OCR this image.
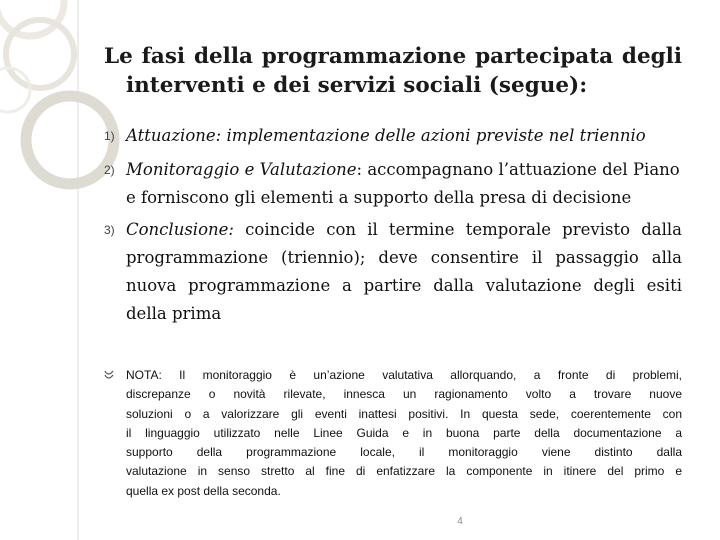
Le fasi della programmazione partecipata degli
interventi e dei servizi sociali (segue):
1) Attuazione: implementazione delle azioni previste nel triennio
2) Monitoraggio e Valutazione: accompagnano l’attuazione del Piano
e forniscono gli elementi a supporto della presa di decisione
3) Conclusione: coincide con il termine temporale previsto dalla
programmazione (triennio); deve consentire il passaggio alla
nuova programmazione a partire dalla valutazione degli esiti
della prima
NOTA: Il monitoraggio è un’azione valutativa allorquando, a fronte di problemi,
discrepanze o novità rilevate, innesca un ragionamento volto a trovare nuove
soluzioni o a valorizzare gli eventi inattesi positivi. In questa sede, coerentemente con
il linguaggio utilizzato nelle Linee Guida e in buona parte della documentazione a
supporto della programmazione locale, il monitoraggio viene distinto dalla
valutazione in senso stretto al fine di enfatizzare la componente in itinere del primo e
quella ex post della seconda.
4
